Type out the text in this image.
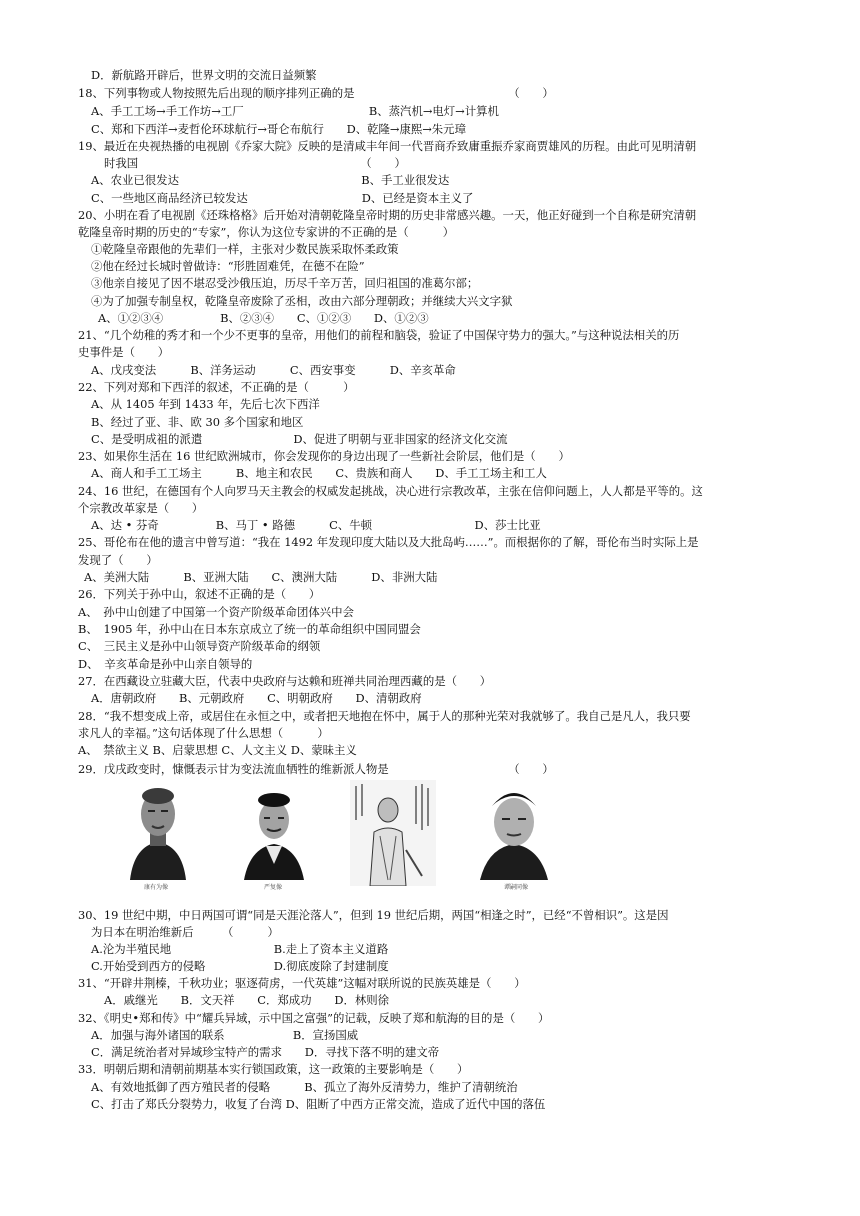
D．新航路开辟后，世界文明的交流日益频繁
18、下列事物或人物按照先后出现的顺序排列正确的是　　　　　　　　　　　　　　（　　）
A、手工工场→手工作坊→工厂　　　　　　　　　　　B、蒸汽机→电灯→计算机
C、郑和下西洋→麦哲伦环球航行→哥仑布航行　　D、乾隆→康熙→朱元璋
19、最近在央视热播的电视剧《乔家大院》反映的是清咸丰年间一代晋商乔致庸重振乔家商贾雄风的历程。由此可见明清朝
时我国　　　　　　　　　　　　　　　　　　　　（　　）
A、农业已很发达　　　　　　　　　　　　　　　　B、手工业很发达
C、一些地区商品经济已较发达　　　　　　　　　　D、已经是资本主义了
20、小明在看了电视剧《还珠格格》后开始对清朝乾隆皇帝时期的历史非常感兴趣。一天，他正好碰到一个自称是研究清朝
乾隆皇帝时期的历史的“专家”，你认为这位专家讲的不正确的是（　　　）
①乾隆皇帝跟他的先辈们一样，主张对少数民族采取怀柔政策
②他在经过长城时曾做诗：“形胜固难凭，在德不在险”
③他亲自接见了因不堪忍受沙俄压迫，历尽千辛万苦，回归祖国的准葛尔部；
④为了加强专制皇权，乾隆皇帝废除了丞相，改由六部分理朝政；并继续大兴文字狱
A、①②③④　　　　　B、②③④　　C、①②③　　D、①②③
21、“几个幼稚的秀才和一个少不更事的皇帝，用他们的前程和脑袋，验证了中国保守势力的强大。”与这种说法相关的历
史事件是（　　）
A、戊戌变法　　　B、洋务运动　　　C、西安事变　　　D、辛亥革命
22、下列对郑和下西洋的叙述，不正确的是（　　　）
A、从 1405 年到 1433 年，先后七次下西洋
B、经过了亚、非、欧 30 多个国家和地区
C、是受明成祖的派遣　　　　　　　　D、促进了明朝与亚非国家的经济文化交流
23、如果你生活在 16 世纪欧洲城市，你会发现你的身边出现了一些新社会阶层，他们是（　　）
A、商人和手工工场主　　　B、地主和农民　　C、贵族和商人　　D、手工工场主和工人
24、16 世纪，在德国有个人向罗马天主教会的权威发起挑战，决心进行宗教改革，主张在信仰问题上，人人都是平等的。这
个宗教改革家是（　　）
A、达 • 芬奇　　　　　B、马丁 • 路德　　　C、牛顿　　　　　　　　　D、莎士比亚
25、哥伦布在他的遗言中曾写道：“我在 1492 年发现印度大陆以及大批岛屿……”。而根据你的了解，哥伦布当时实际上是
发现了（　　）
A、美洲大陆　　　B、亚洲大陆　　C、澳洲大陆　　　D、非洲大陆
26．下列关于孙中山，叙述不正确的是（　　）
A、　孙中山创建了中国第一个资产阶级革命团体兴中会
B、　1905 年，孙中山在日本东京成立了统一的革命组织中国同盟会
C、　三民主义是孙中山领导资产阶级革命的纲领
D、　辛亥革命是孙中山亲自领导的
27．在西藏设立驻藏大臣，代表中央政府与达赖和班禅共同治理西藏的是（　　）
A．唐朝政府　　B、元朝政府　　C、明朝政府　　D、清朝政府
28．“我不想变成上帝，或居住在永恒之中，或者把天地抱在怀中，属于人的那种光荣对我就够了。我自己是凡人，我只要
求凡人的幸福。”这句话体现了什么思想（　　　）
A、　禁欲主义 B、启蒙思想 C、人文主义 D、蒙昧主义
29．戊戌政变时，慷慨表示甘为变法流血牺牲的维新派人物是　　　　　　　　　　　（　　）
康有为像	严复像	谭嗣同像
30、19 世纪中期，中日两国可谓“同是天涯沦落人”，但到 19 世纪后期，两国“相逢之时”，已经“不曾相识”。这是因
为日本在明治维新后　　　（　　　）
A.沦为半殖民地　　　　　　　　　B.走上了资本主义道路
C.开始受到西方的侵略　　　　　　D.彻底废除了封建制度
31、“开辟井荆榛，千秋功业；驱逐荷虏，一代英雄”这幅对联所说的民族英雄是（　　）
A．戚继光　　B．文天祥　　C．郑成功　　D．林则徐
32、《明史•郑和传》中“耀兵异域，示中国之富强”的记载，反映了郑和航海的目的是（　　）
A．加强与海外诸国的联系　　　　　　B．宣扬国威
C．满足统治者对异域珍宝特产的需求　　D．寻找下落不明的建文帝
33．明朝后期和清朝前期基本实行锁国政策，这一政策的主要影响是（　　）
A、有效地抵御了西方殖民者的侵略　　　B、孤立了海外反清势力，维护了清朝统治
C、打击了郑氏分裂势力，收复了台湾 D、阻断了中西方正常交流，造成了近代中国的落伍
